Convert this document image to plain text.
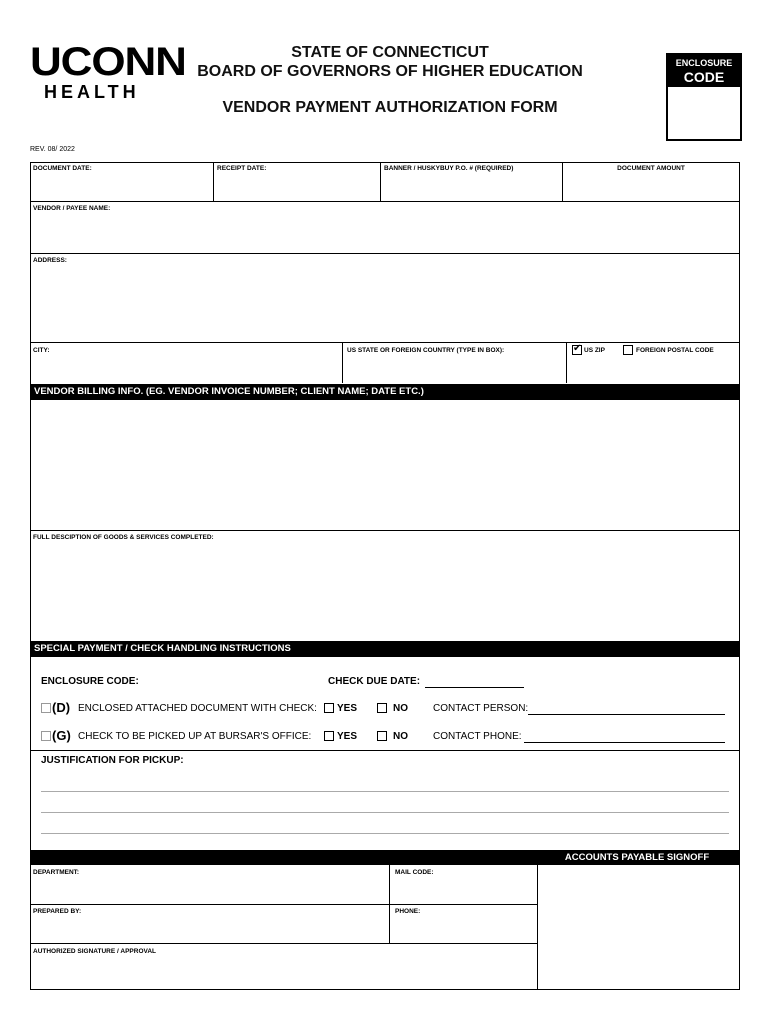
UCONN
HEALTH
STATE OF CONNECTICUT
BOARD OF GOVERNORS OF HIGHER EDUCATION
VENDOR PAYMENT AUTHORIZATION FORM
ENCLOSURE
CODE
REV. 08/ 2022
DOCUMENT DATE:	RECEIPT DATE:	BANNER / HUSKYBUY P.O. # (REQUIRED)	DOCUMENT AMOUNT
VENDOR / PAYEE NAME:
ADDRESS:
CITY:	US STATE OR FOREIGN COUNTRY (TYPE IN BOX):
✔	US ZIP	FOREIGN POSTAL CODE
VENDOR BILLING INFO. (EG. VENDOR INVOICE NUMBER; CLIENT NAME; DATE ETC.)
FULL DESCIPTION OF GOODS & SERVICES COMPLETED:
SPECIAL PAYMENT / CHECK HANDLING INSTRUCTIONS
ENCLOSURE CODE:	CHECK DUE DATE:
(D) ENCLOSED ATTACHED DOCUMENT WITH CHECK: YES	NO	CONTACT PERSON:
(G) CHECK TO BE PICKED UP AT BURSAR'S OFFICE:	YES	NO	CONTACT PHONE:
JUSTIFICATION FOR PICKUP:
ACCOUNTS PAYABLE SIGNOFF
DEPARTMENT:	MAIL CODE:
PREPARED BY:	PHONE:
AUTHORIZED SIGNATURE / APPROVAL
